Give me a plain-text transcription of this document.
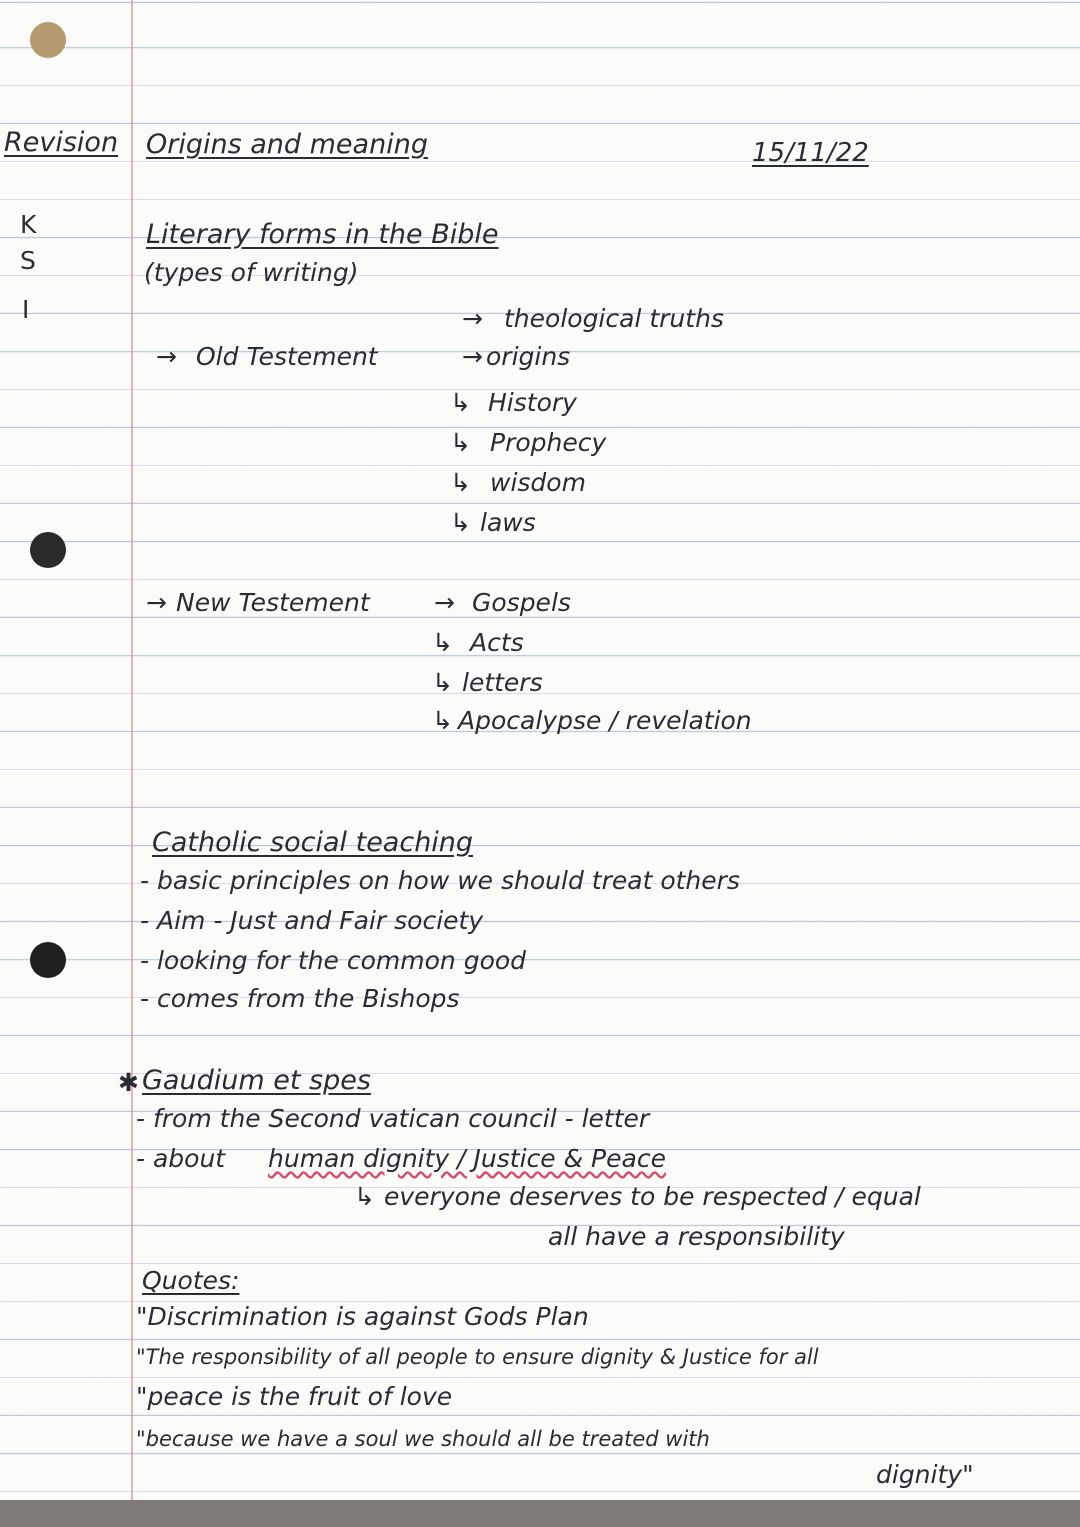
Revision Origins and meaning	15/11/22
K
S
I
Literary forms in the Bible
(types of writing)
→ theological truths
→ Old Testement	→ origins
↳ History
↳ Prophecy
↳ wisdom
↳ laws
→ New Testement	→ Gospels
↳ Acts
↳ letters
↳ Apocalypse / revelation
Catholic social teaching
- basic principles on how we should treat others
- Aim - Just and Fair society
- looking for the common good
- comes from the Bishops
✱ Gaudium et spes
- from the Second vatican council - letter
- about human dignity / Justice & Peace
↳ everyone deserves to be respected / equal
all have a responsibility
Quotes:
"Discrimination is against Gods Plan
"The responsibility of all people to ensure dignity & Justice for all
"peace is the fruit of love
"because we have a soul we should all be treated with
dignity"
